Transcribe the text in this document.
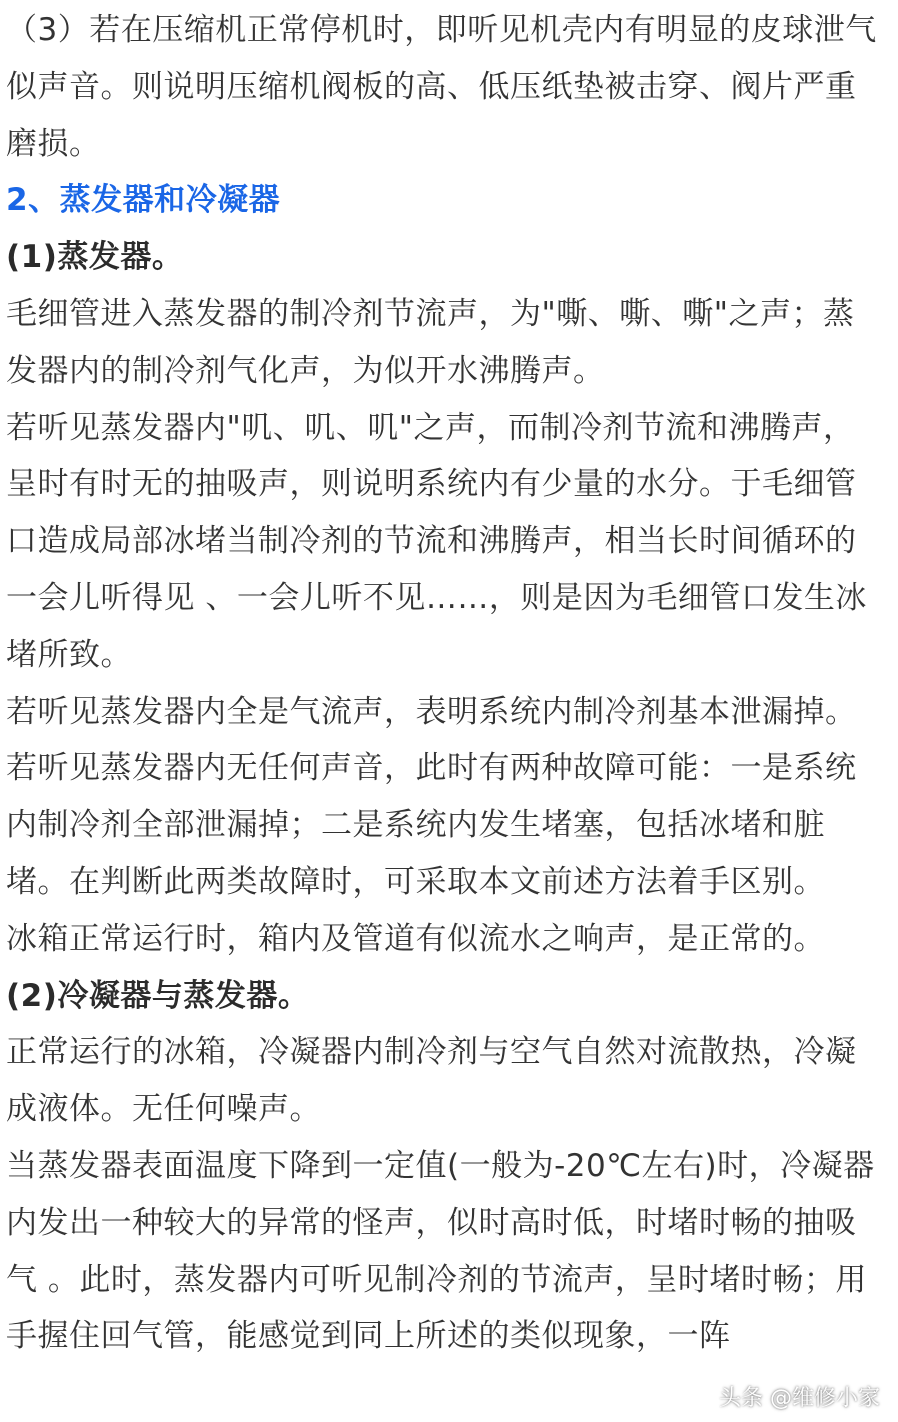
（3）若在压缩机正常停机时，即听见机壳内有明显的皮球泄气似声音。则说明压缩机阀板的高、低压纸垫被击穿、阀片严重磨损。

2、蒸发器和冷凝器

(1)蒸发器。

毛细管进入蒸发器的制冷剂节流声，为"嘶、嘶、嘶"之声；蒸发器内的制冷剂气化声，为似开水沸腾声。

若听见蒸发器内"叽、叽、叽"之声，而制冷剂节流和沸腾声，呈时有时无的抽吸声，则说明系统内有少量的水分。于毛细管口造成局部冰堵当制冷剂的节流和沸腾声，相当长时间循环的一会儿听得见 、一会儿听不见……，则是因为毛细管口发生冰堵所致。

若听见蒸发器内全是气流声，表明系统内制冷剂基本泄漏掉。

若听见蒸发器内无任何声音，此时有两种故障可能：一是系统内制冷剂全部泄漏掉；二是系统内发生堵塞，包括冰堵和脏堵。在判断此两类故障时，可采取本文前述方法着手区别。

冰箱正常运行时，箱内及管道有似流水之响声，是正常的。

(2)冷凝器与蒸发器。

正常运行的冰箱，冷凝器内制冷剂与空气自然对流散热，冷凝成液体。无任何噪声。

当蒸发器表面温度下降到一定值(一般为-20℃左右)时，冷凝器内发出一种较大的异常的怪声，似时高时低，时堵时畅的抽吸气 。此时，蒸发器内可听见制冷剂的节流声，呈时堵时畅；用手握住回气管，能感觉到同上所述的类似现象，一阵

头条 @维修小家
